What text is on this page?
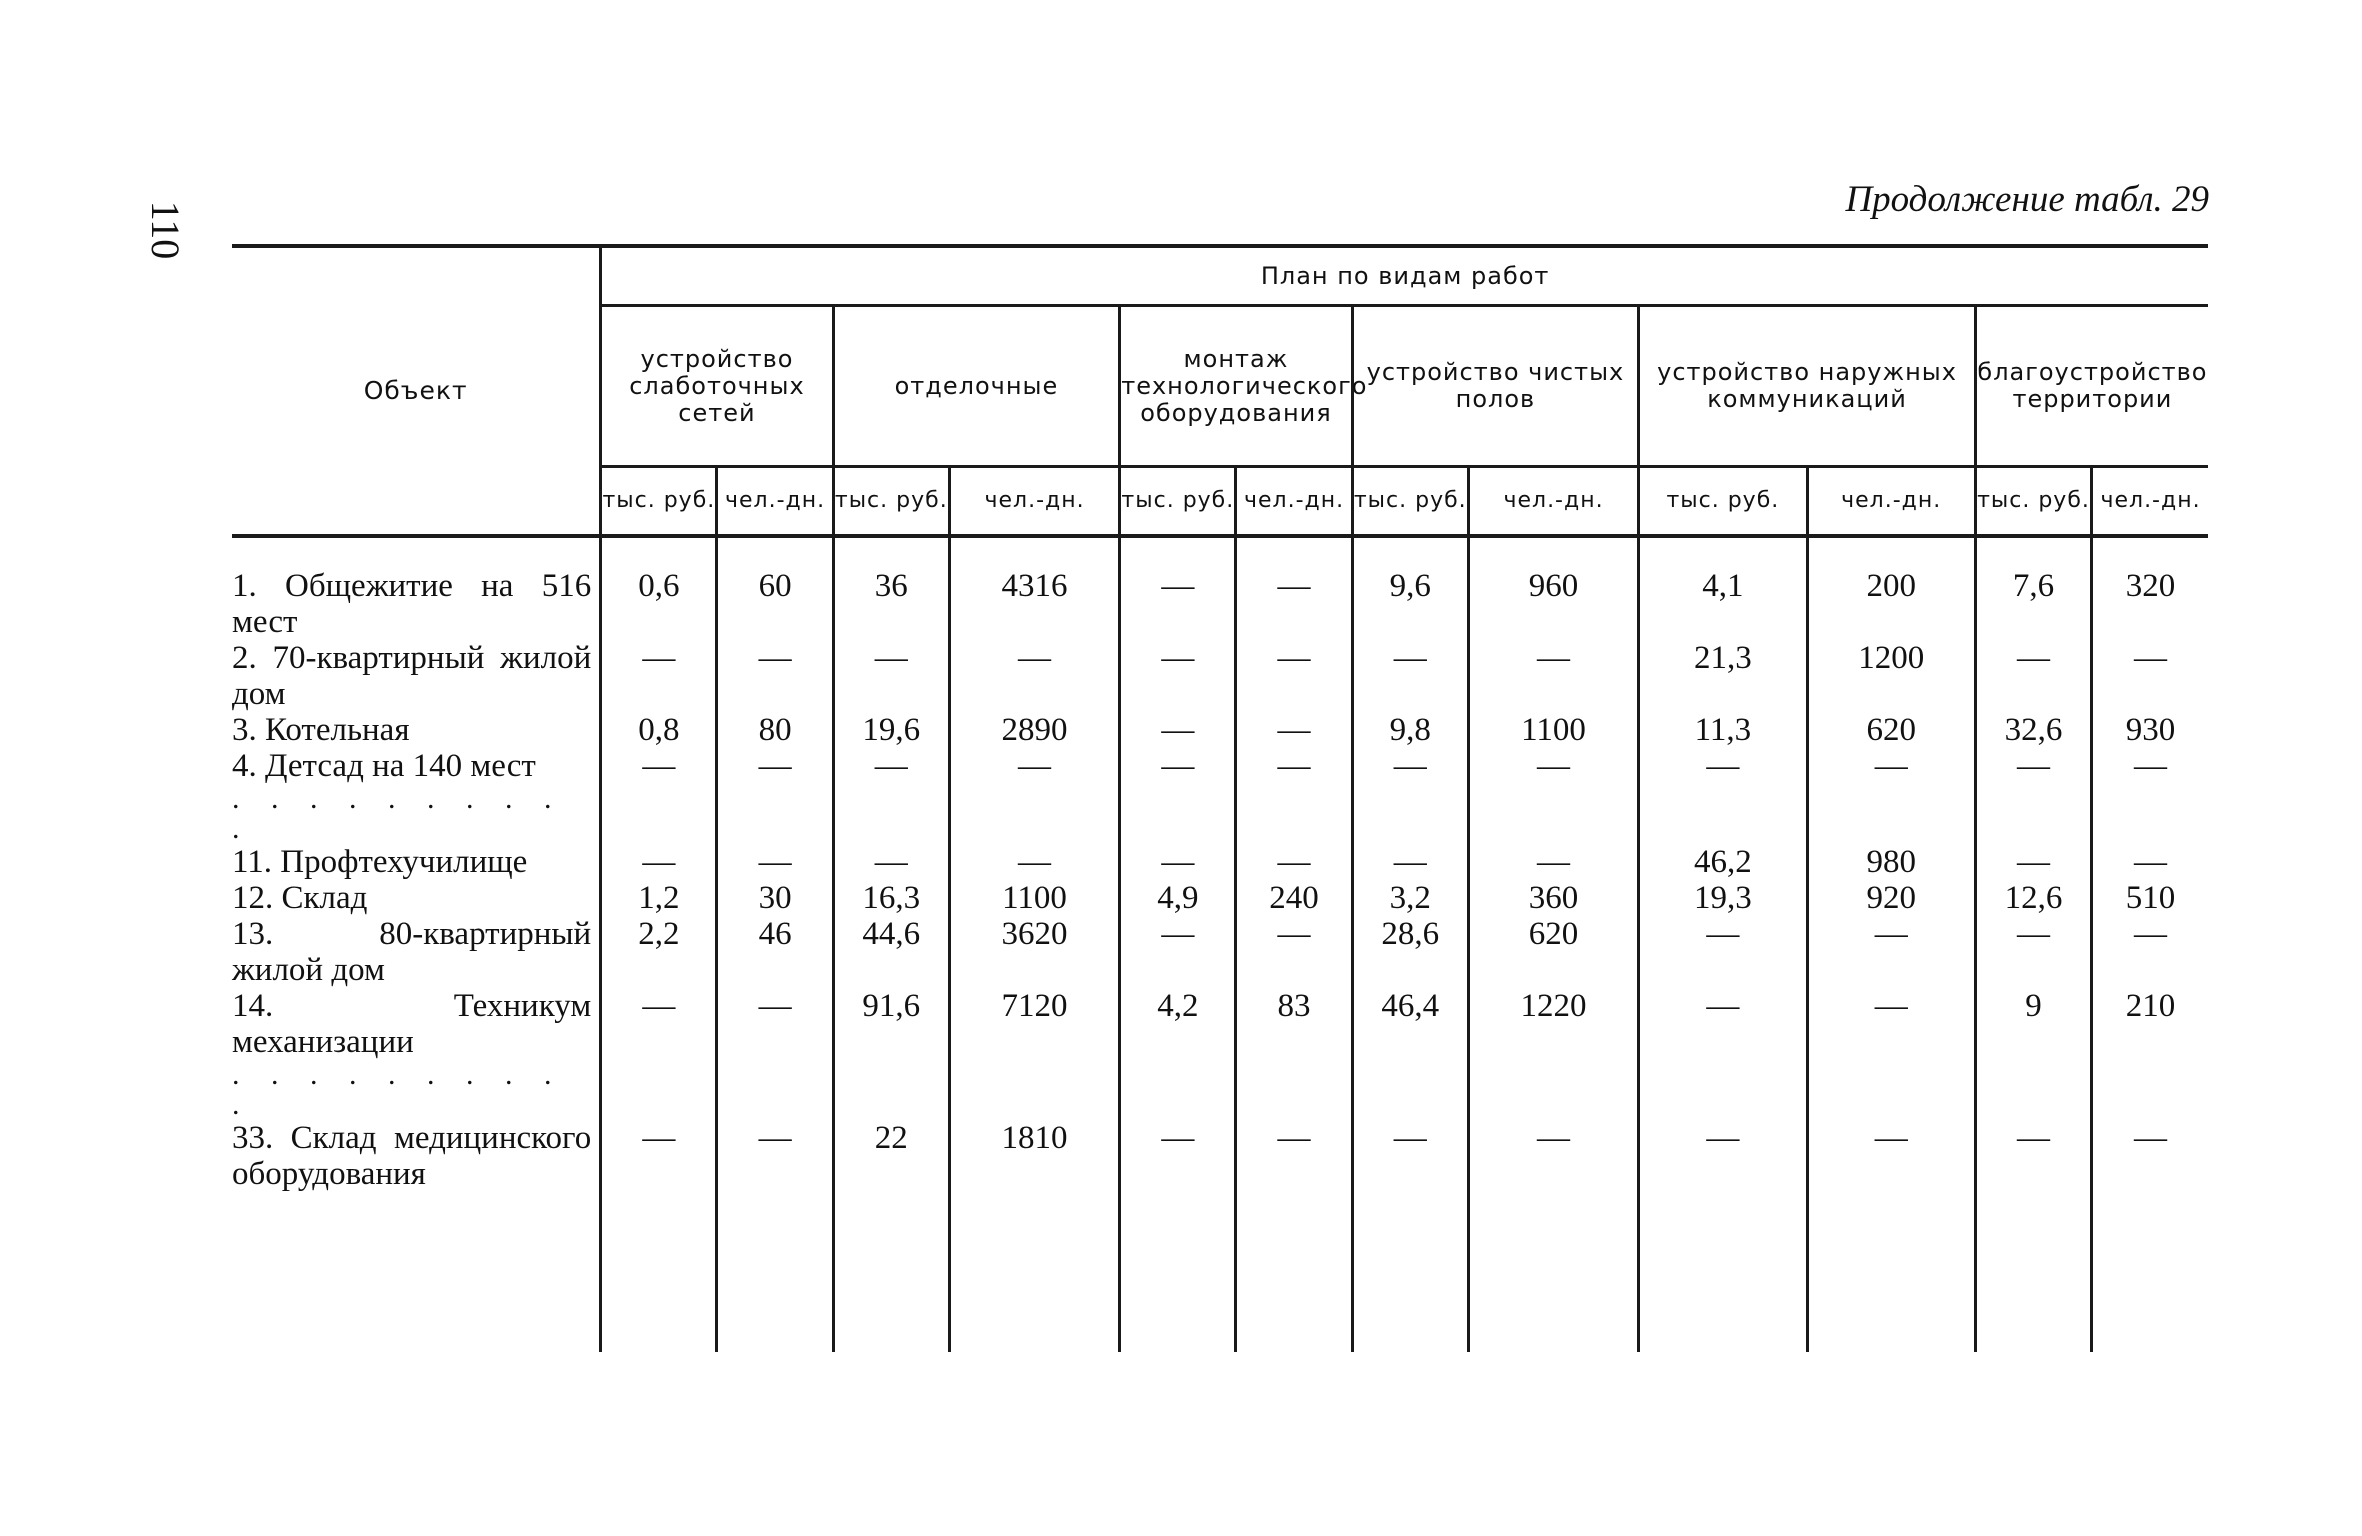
110
Продолжение табл. 29
Объект	План по видам работ											
	устройство слаботочных сетей		отделочные		монтаж технологического оборудования		устройство чистых полов		устройство наружных коммуникаций		благоустройство территории	
	тыс. руб.	чел.-дн.	тыс. руб.	чел.-дн.	тыс. руб.	чел.-дн.	тыс. руб.	чел.-дн.	тыс. руб.	чел.-дн.	тыс. руб.	чел.-дн.

1. Общежитие на 516 мест	0,6	60	36	4316	—	—	9,6	960	4,1	200	7,6	320

2. 70-квартирный жилой дом	—	—	—	—	—	—	—	—	21,3	1200	—	—

3. Котельная	0,8	80	19,6	2890	—	—	9,8	1100	11,3	620	32,6	930

4. Детсад на 140 мест	—	—	—	—	—	—	—	—	—	—	—	—
. . . . . . . . . .												

11. Профтехучилище	—	—	—	—	—	—	—	—	46,2	980	—	—

12. Склад	1,2	30	16,3	1100	4,9	240	3,2	360	19,3	920	12,6	510

13. 80-квартирный жилой дом	2,2	46	44,6	3620	—	—	28,6	620	—	—	—	—

14. Техникум механизации	—	—	91,6	7120	4,2	83	46,4	1220	—	—	9	210
. . . . . . . . . .												

33. Склад медицинского оборудования	—	—	22	1810	—	—	—	—	—	—	—	—
